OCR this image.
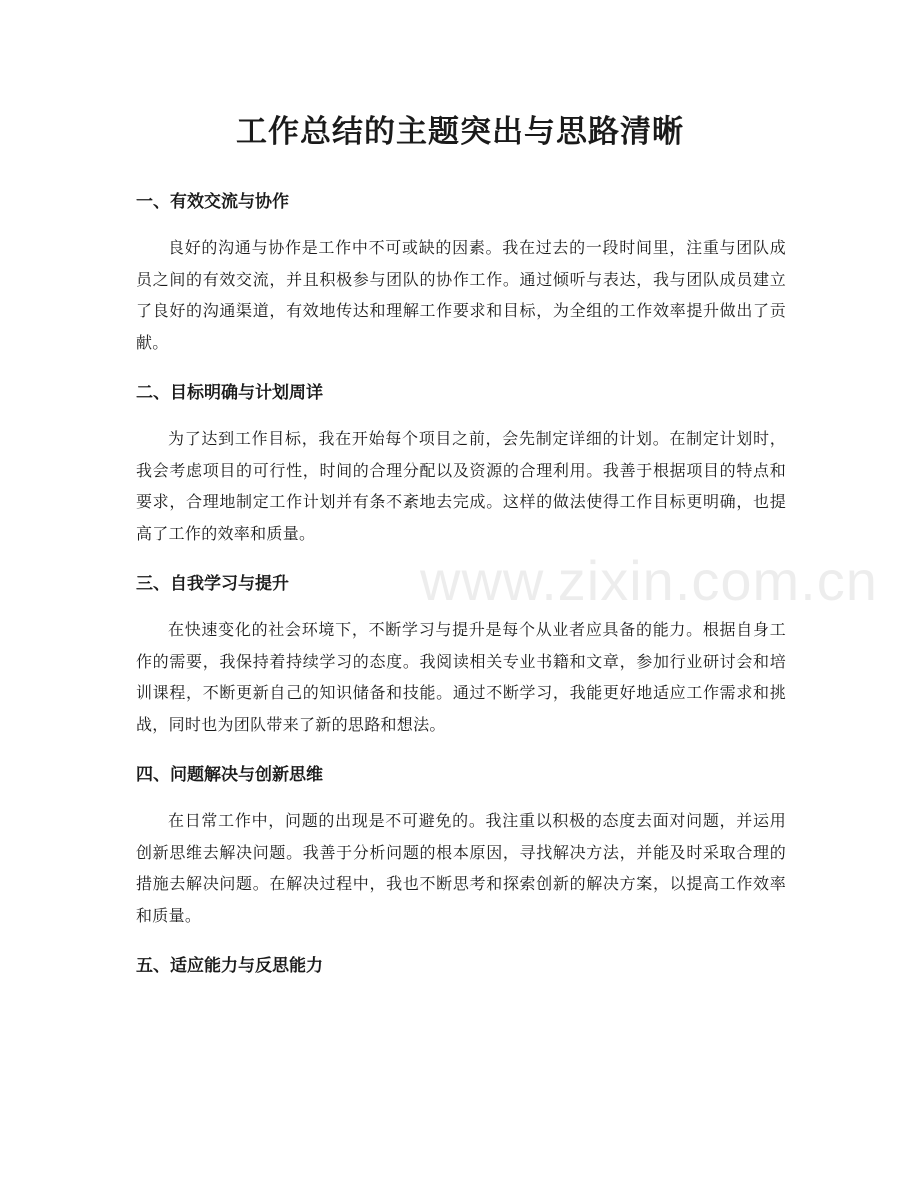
工作总结的主题突出与思路清晰
一、有效交流与协作

良好的沟通与协作是工作中不可或缺的因素。我在过去的一段时间里，注重与团队成员之间的有效交流，并且积极参与团队的协作工作。通过倾听与表达，我与团队成员建立了良好的沟通渠道，有效地传达和理解工作要求和目标，为全组的工作效率提升做出了贡献。

二、目标明确与计划周详

为了达到工作目标，我在开始每个项目之前，会先制定详细的计划。在制定计划时，我会考虑项目的可行性，时间的合理分配以及资源的合理利用。我善于根据项目的特点和要求，合理地制定工作计划并有条不紊地去完成。这样的做法使得工作目标更明确，也提高了工作的效率和质量。

三、自我学习与提升

在快速变化的社会环境下，不断学习与提升是每个从业者应具备的能力。根据自身工作的需要，我保持着持续学习的态度。我阅读相关专业书籍和文章，参加行业研讨会和培训课程，不断更新自己的知识储备和技能。通过不断学习，我能更好地适应工作需求和挑战，同时也为团队带来了新的思路和想法。

四、问题解决与创新思维

在日常工作中，问题的出现是不可避免的。我注重以积极的态度去面对问题，并运用创新思维去解决问题。我善于分析问题的根本原因，寻找解决方法，并能及时采取合理的措施去解决问题。在解决过程中，我也不断思考和探索创新的解决方案，以提高工作效率和质量。

五、适应能力与反思能力
www.zixin.com.cn
